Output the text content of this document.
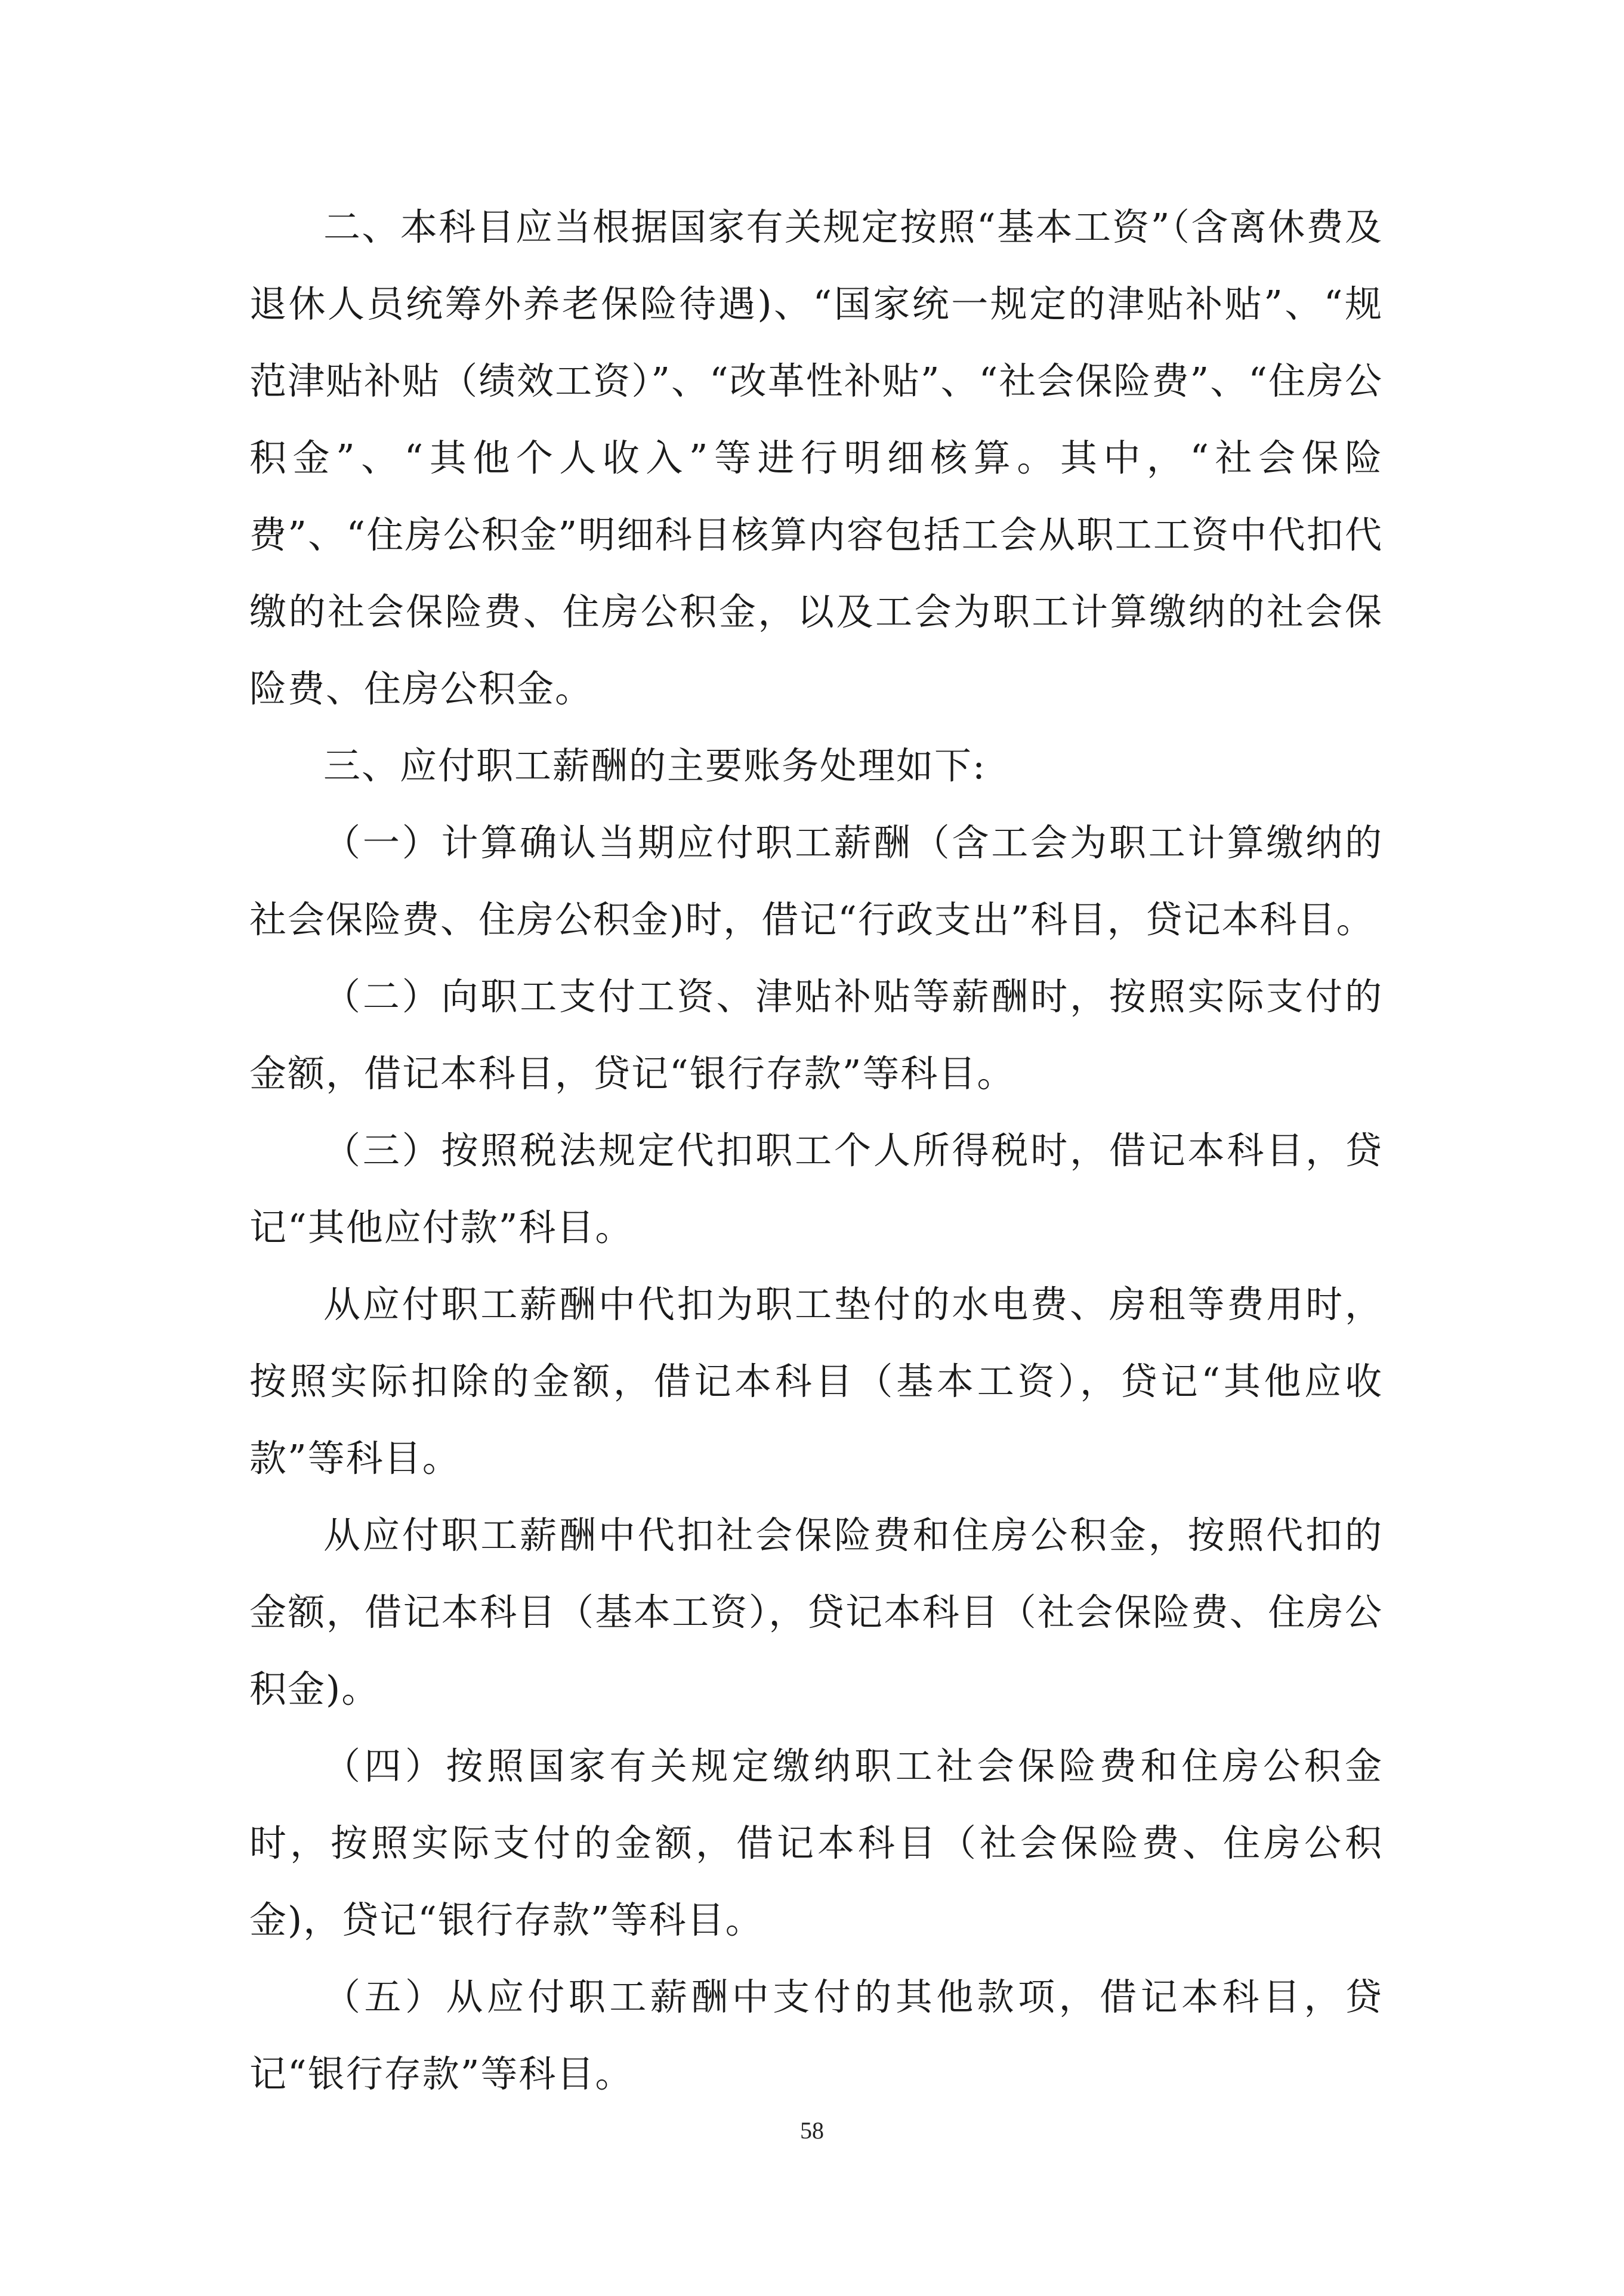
二、本科目应当根据国家有关规定按照“基本工资”（含离休费及退休人员统筹外养老保险待遇)、“国家统一规定的津贴补贴”、“规范津贴补贴（绩效工资）”、“改革性补贴”、“社会保险费”、“住房公积金”、“其他个人收入”等进行明细核算。其中，“社会保险费”、“住房公积金”明细科目核算内容包括工会从职工工资中代扣代缴的社会保险费、住房公积金，以及工会为职工计算缴纳的社会保险费、住房公积金。

三、应付职工薪酬的主要账务处理如下:

（一）计算确认当期应付职工薪酬（含工会为职工计算缴纳的社会保险费、住房公积金)时，借记“行政支出”科目，贷记本科目。

（二）向职工支付工资、津贴补贴等薪酬时，按照实际支付的金额，借记本科目，贷记“银行存款”等科目。

（三）按照税法规定代扣职工个人所得税时，借记本科目，贷记“其他应付款”科目。

从应付职工薪酬中代扣为职工垫付的水电费、房租等费用时，按照实际扣除的金额，借记本科目（基本工资），贷记“其他应收款”等科目。

从应付职工薪酬中代扣社会保险费和住房公积金，按照代扣的金额，借记本科目（基本工资），贷记本科目（社会保险费、住房公积金)。

（四）按照国家有关规定缴纳职工社会保险费和住房公积金时，按照实际支付的金额，借记本科目（社会保险费、住房公积金)，贷记“银行存款”等科目。

（五）从应付职工薪酬中支付的其他款项，借记本科目，贷记“银行存款”等科目。

58
